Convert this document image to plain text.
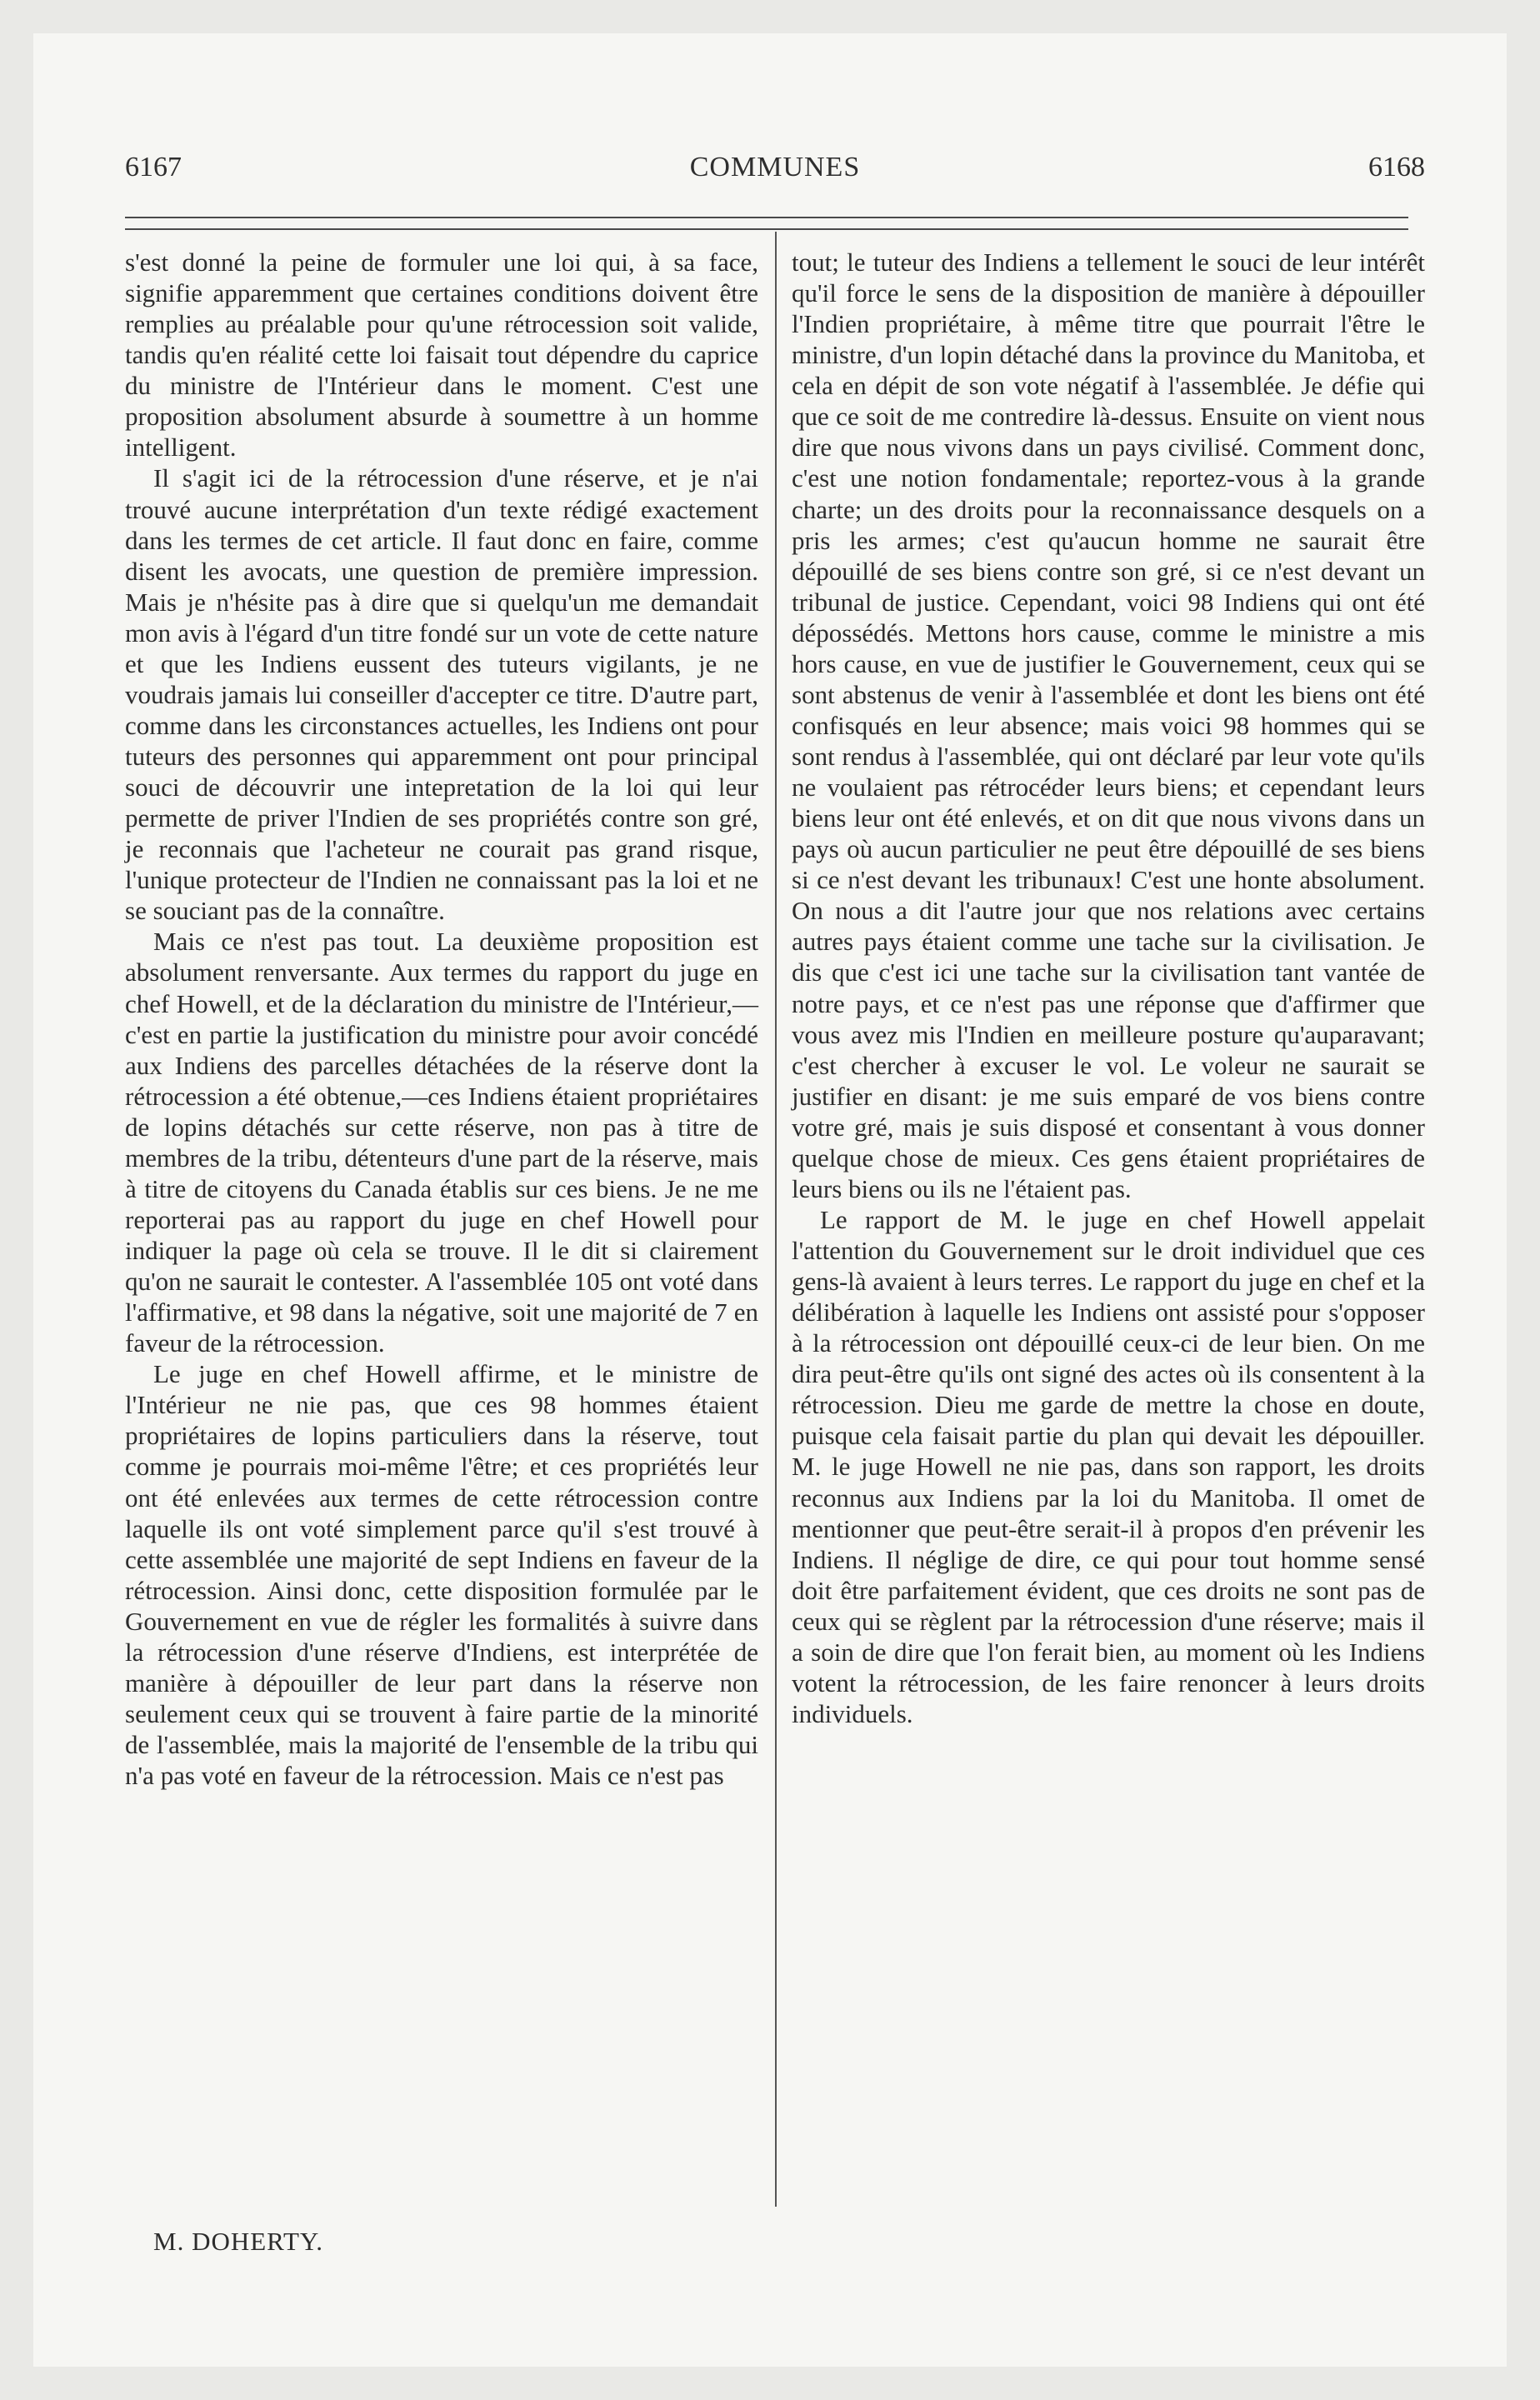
6167	COMMUNES	6168

s'est donné la peine de formuler une loi qui, à sa face, signifie apparemment que certaines conditions doivent être remplies au préalable pour qu'une rétrocession soit valide, tandis qu'en réalité cette loi faisait tout dépendre du caprice du ministre de l'Intérieur dans le moment. C'est une proposition absolument absurde à soumettre à un homme intelligent.

Il s'agit ici de la rétrocession d'une réserve, et je n'ai trouvé aucune interprétation d'un texte rédigé exactement dans les termes de cet article. Il faut donc en faire, comme disent les avocats, une question de première impression. Mais je n'hésite pas à dire que si quelqu'un me demandait mon avis à l'égard d'un titre fondé sur un vote de cette nature et que les Indiens eussent des tuteurs vigilants, je ne voudrais jamais lui conseiller d'accepter ce titre. D'autre part, comme dans les circonstances actuelles, les Indiens ont pour tuteurs des personnes qui apparemment ont pour principal souci de découvrir une intepretation de la loi qui leur permette de priver l'Indien de ses propriétés contre son gré, je reconnais que l'acheteur ne courait pas grand risque, l'unique protecteur de l'Indien ne connaissant pas la loi et ne se souciant pas de la connaître.

Mais ce n'est pas tout. La deuxième proposition est absolument renversante. Aux termes du rapport du juge en chef Howell, et de la déclaration du ministre de l'Intérieur,—c'est en partie la justification du ministre pour avoir concédé aux Indiens des parcelles détachées de la réserve dont la rétrocession a été obtenue,—ces Indiens étaient propriétaires de lopins détachés sur cette réserve, non pas à titre de membres de la tribu, détenteurs d'une part de la réserve, mais à titre de citoyens du Canada établis sur ces biens. Je ne me reporterai pas au rapport du juge en chef Howell pour indiquer la page où cela se trouve. Il le dit si clairement qu'on ne saurait le contester. A l'assemblée 105 ont voté dans l'affirmative, et 98 dans la négative, soit une majorité de 7 en faveur de la rétrocession.

Le juge en chef Howell affirme, et le ministre de l'Intérieur ne nie pas, que ces 98 hommes étaient propriétaires de lopins particuliers dans la réserve, tout comme je pourrais moi-même l'être; et ces propriétés leur ont été enlevées aux termes de cette rétrocession contre laquelle ils ont voté simplement parce qu'il s'est trouvé à cette assemblée une majorité de sept Indiens en faveur de la rétrocession. Ainsi donc, cette disposition formulée par le Gouvernement en vue de régler les formalités à suivre dans la rétrocession d'une réserve d'Indiens, est interprétée de manière à dépouiller de leur part dans la réserve non seulement ceux qui se trouvent à faire partie de la minorité de l'assemblée, mais la majorité de l'ensemble de la tribu qui n'a pas voté en faveur de la rétrocession. Mais ce n'est pas

M. DOHERTY.

tout; le tuteur des Indiens a tellement le souci de leur intérêt qu'il force le sens de la disposition de manière à dépouiller l'Indien propriétaire, à même titre que pourrait l'être le ministre, d'un lopin détaché dans la province du Manitoba, et cela en dépit de son vote négatif à l'assemblée. Je défie qui que ce soit de me contredire là-dessus. Ensuite on vient nous dire que nous vivons dans un pays civilisé. Comment donc, c'est une notion fondamentale; reportez-vous à la grande charte; un des droits pour la reconnaissance desquels on a pris les armes; c'est qu'aucun homme ne saurait être dépouillé de ses biens contre son gré, si ce n'est devant un tribunal de justice. Cependant, voici 98 Indiens qui ont été dépossédés. Mettons hors cause, comme le ministre a mis hors cause, en vue de justifier le Gouvernement, ceux qui se sont abstenus de venir à l'assemblée et dont les biens ont été confisqués en leur absence; mais voici 98 hommes qui se sont rendus à l'assemblée, qui ont déclaré par leur vote qu'ils ne voulaient pas rétrocéder leurs biens; et cependant leurs biens leur ont été enlevés, et on dit que nous vivons dans un pays où aucun particulier ne peut être dépouillé de ses biens si ce n'est devant les tribunaux! C'est une honte absolument. On nous a dit l'autre jour que nos relations avec certains autres pays étaient comme une tache sur la civilisation. Je dis que c'est ici une tache sur la civilisation tant vantée de notre pays, et ce n'est pas une réponse que d'affirmer que vous avez mis l'Indien en meilleure posture qu'auparavant; c'est chercher à excuser le vol. Le voleur ne saurait se justifier en disant: je me suis emparé de vos biens contre votre gré, mais je suis disposé et consentant à vous donner quelque chose de mieux. Ces gens étaient propriétaires de leurs biens ou ils ne l'étaient pas.

Le rapport de M. le juge en chef Howell appelait l'attention du Gouvernement sur le droit individuel que ces gens-là avaient à leurs terres. Le rapport du juge en chef et la délibération à laquelle les Indiens ont assisté pour s'opposer à la rétrocession ont dépouillé ceux-ci de leur bien. On me dira peut-être qu'ils ont signé des actes où ils consentent à la rétrocession. Dieu me garde de mettre la chose en doute, puisque cela faisait partie du plan qui devait les dépouiller. M. le juge Howell ne nie pas, dans son rapport, les droits reconnus aux Indiens par la loi du Manitoba. Il omet de mentionner que peut-être serait-il à propos d'en prévenir les Indiens. Il néglige de dire, ce qui pour tout homme sensé doit être parfaitement évident, que ces droits ne sont pas de ceux qui se règlent par la rétrocession d'une réserve; mais il a soin de dire que l'on ferait bien, au moment où les Indiens votent la rétrocession, de les faire renoncer à leurs droits individuels.
